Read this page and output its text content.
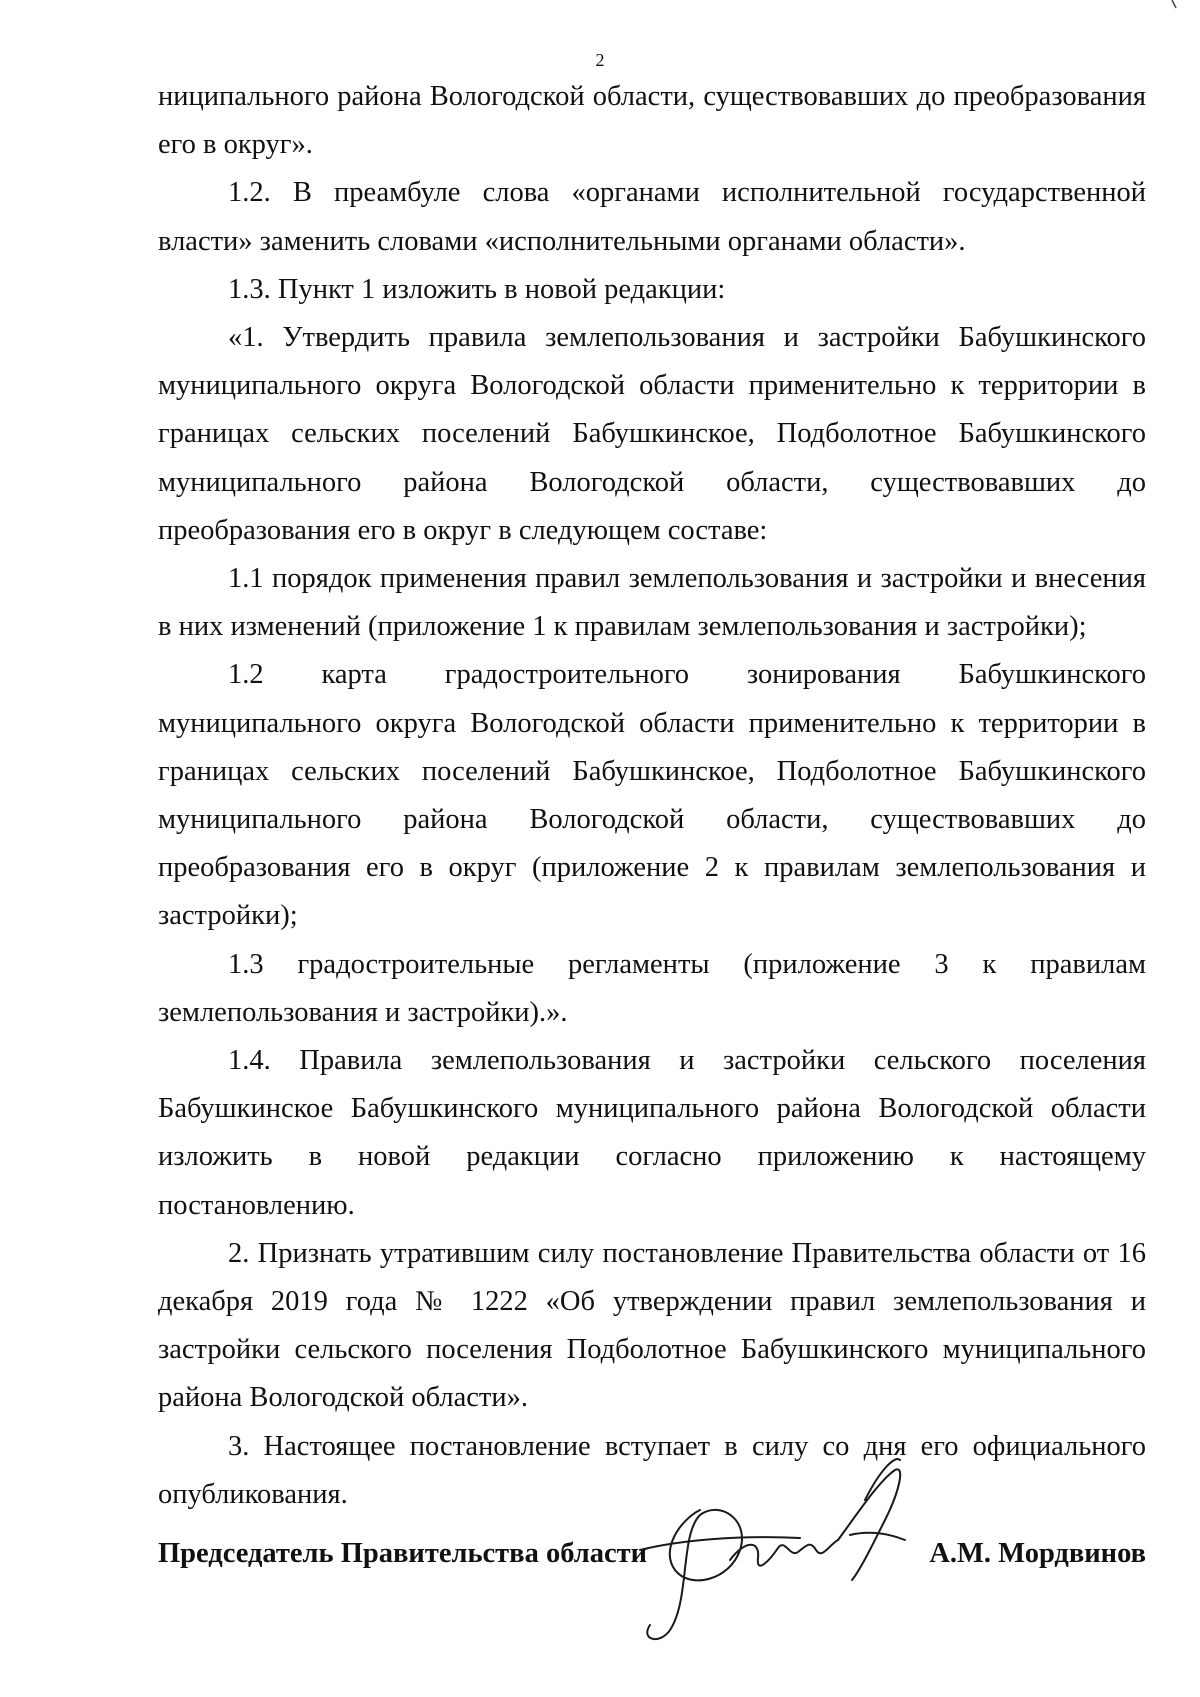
2

ниципального района Вологодской области, существовавших до преобразования его в округ».

1.2. В преамбуле слова «органами исполнительной государственной власти» заменить словами «исполнительными органами области».

1.3. Пункт 1 изложить в новой редакции:

«1. Утвердить правила землепользования и застройки Бабушкинского муниципального округа Вологодской области применительно к территории в границах сельских поселений Бабушкинское, Подболотное Бабушкинского муниципального района Вологодской области, существовавших до преобразования его в округ в следующем составе:

1.1 порядок применения правил землепользования и застройки и внесения в них изменений (приложение 1 к правилам землепользования и застройки);

1.2 карта градостроительного зонирования Бабушкинского муниципального округа Вологодской области применительно к территории в границах сельских поселений Бабушкинское, Подболотное Бабушкинского муниципального района Вологодской области, существовавших до преобразования его в округ (приложение 2 к правилам землепользования и застройки);

1.3 градостроительные регламенты (приложение 3 к правилам землепользования и застройки).».

1.4. Правила землепользования и застройки сельского поселения Бабушкинское Бабушкинского муниципального района Вологодской области изложить в новой редакции согласно приложению к настоящему постановлению.

2. Признать утратившим силу постановление Правительства области от 16 декабря 2019 года № 1222 «Об утверждении правил землепользования и застройки сельского поселения Подболотное Бабушкинского муниципального района Вологодской области».

3. Настоящее постановление вступает в силу со дня его официального опубликования.

Председатель Правительства области	А.М. Мордвинов
